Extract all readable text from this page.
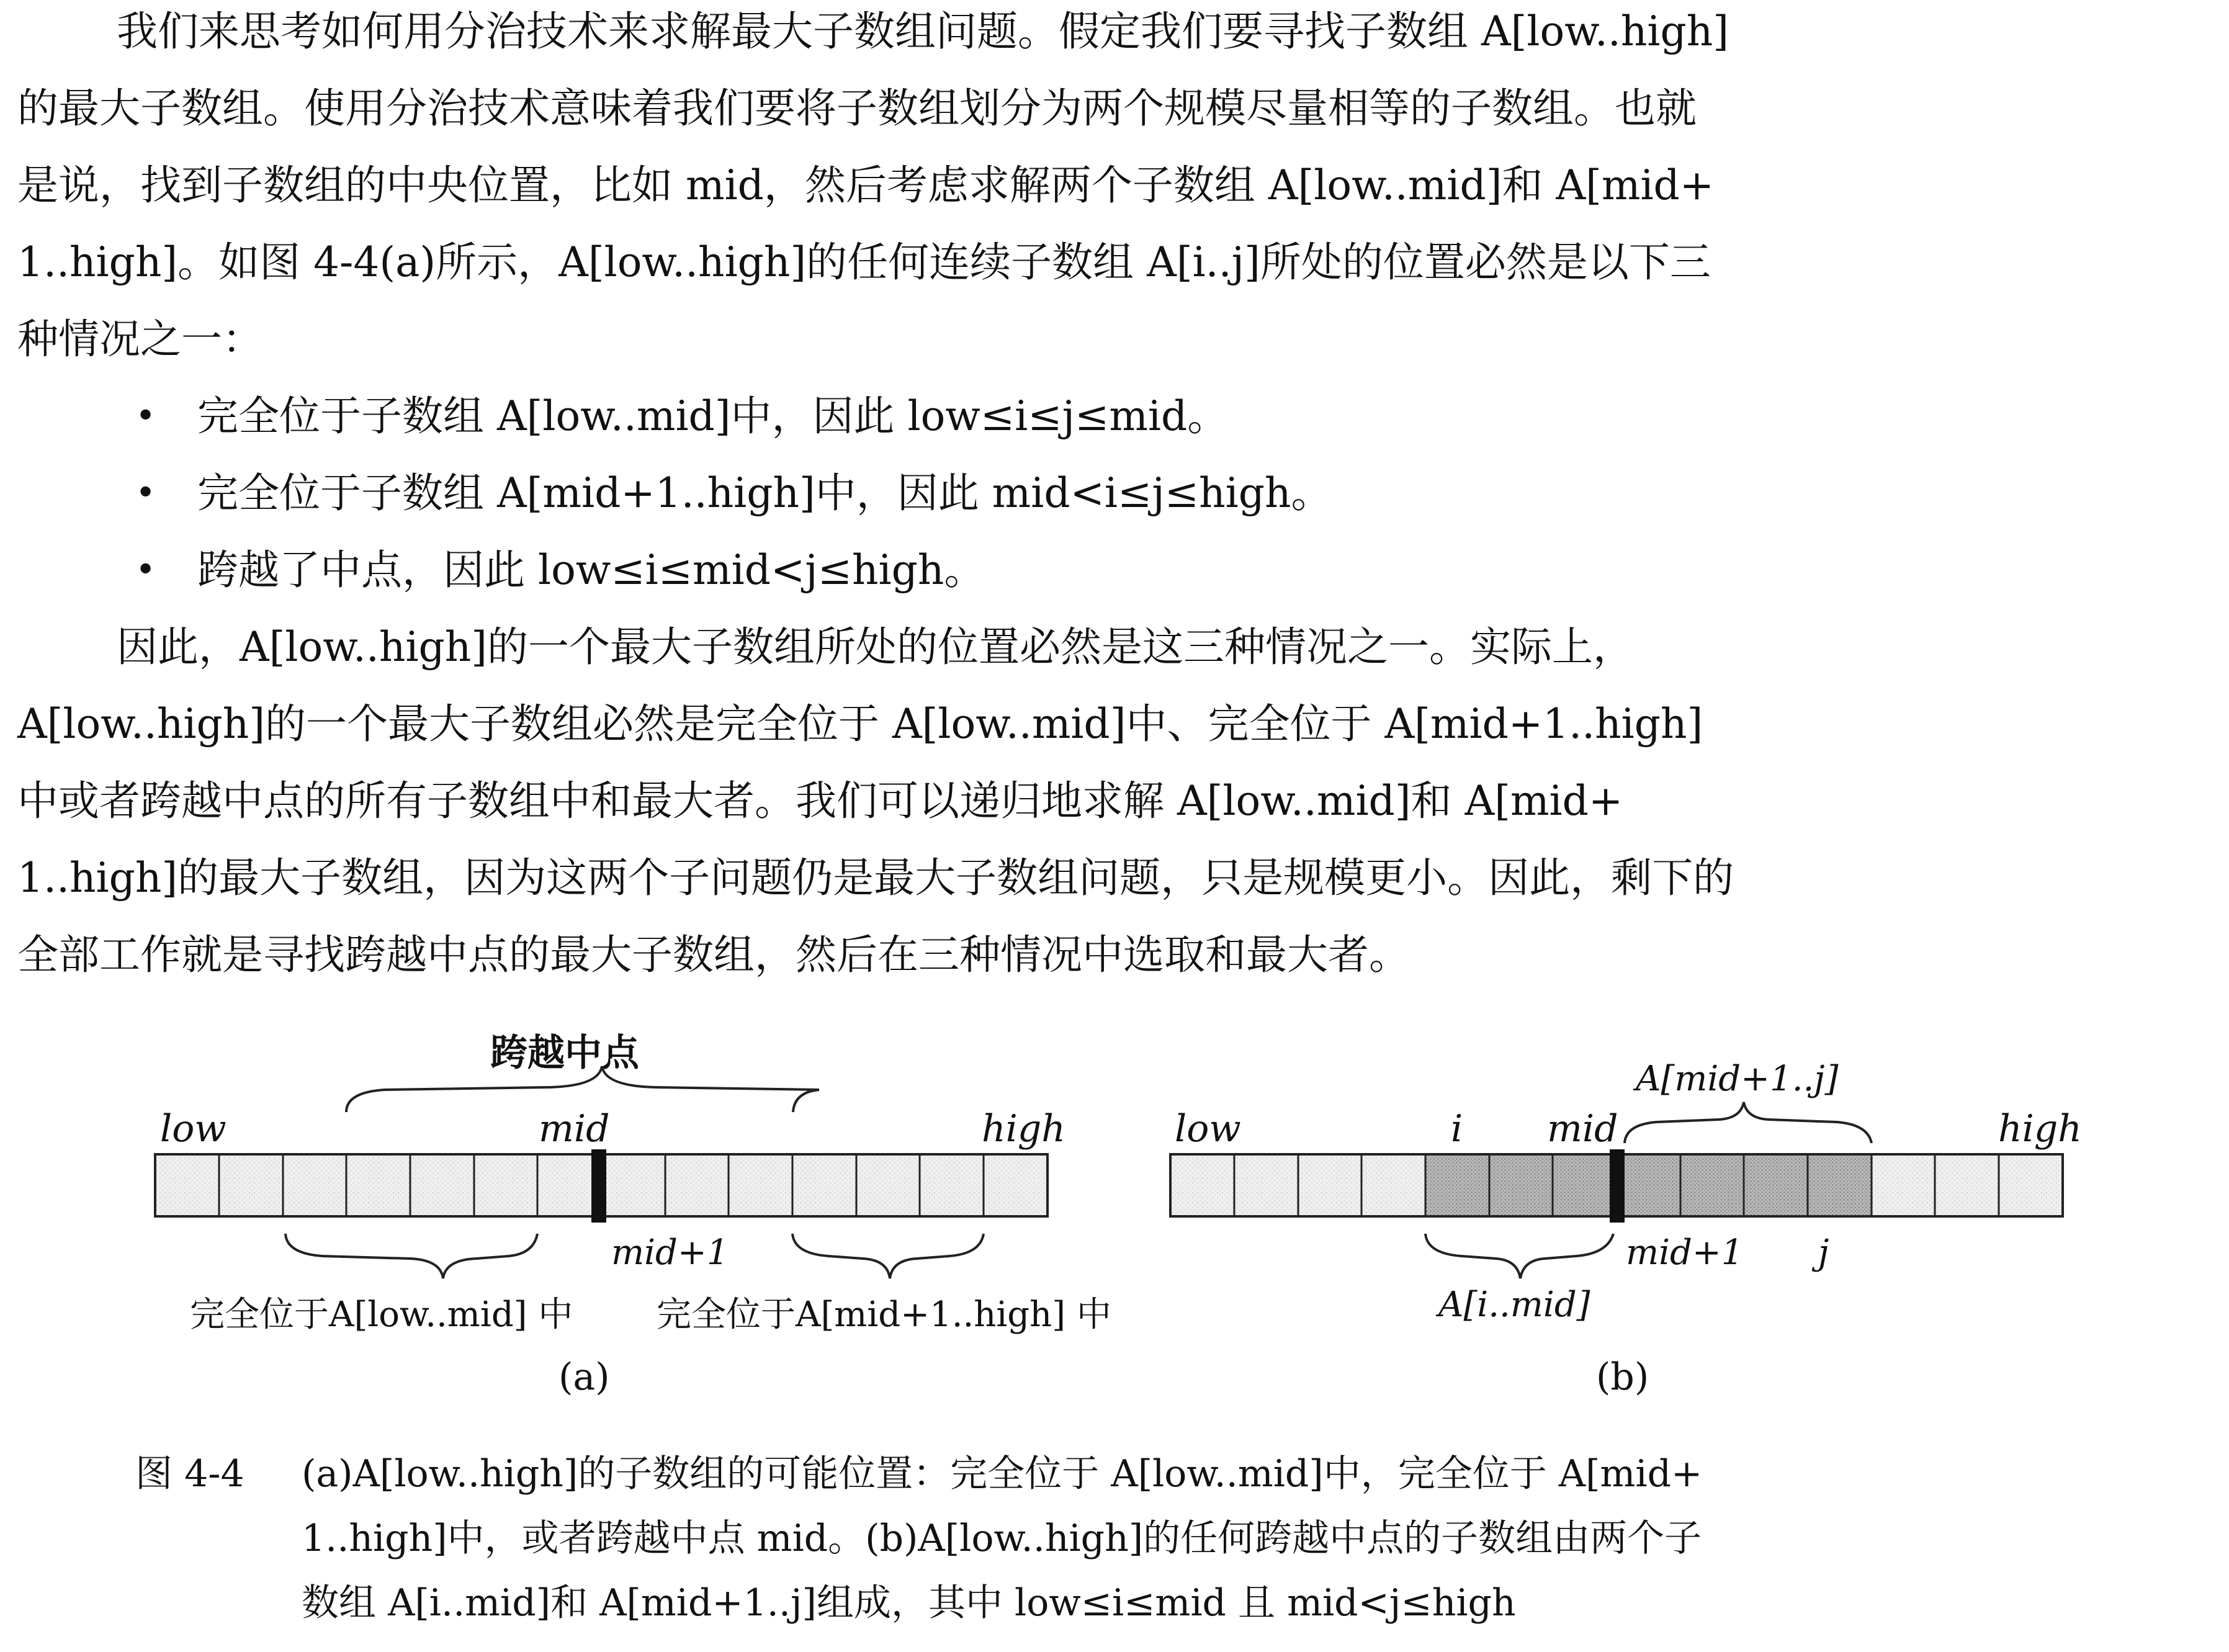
我们来思考如何用分治技术来求解最大子数组问题。假定我们要寻找子数组 A[low..high]
的最大子数组。使用分治技术意味着我们要将子数组划分为两个规模尽量相等的子数组。也就
是说，找到子数组的中央位置，比如 mid，然后考虑求解两个子数组 A[low..mid]和 A[mid+
1..high]。如图 4-4(a)所示，A[low..high]的任何连续子数组 A[i..j]所处的位置必然是以下三
种情况之一：
• 完全位于子数组 A[low..mid]中，因此 low≤i≤j≤mid。
• 完全位于子数组 A[mid+1..high]中，因此 mid<i≤j≤high。
• 跨越了中点，因此 low≤i≤mid<j≤high。
因此，A[low..high]的一个最大子数组所处的位置必然是这三种情况之一。实际上，
A[low..high]的一个最大子数组必然是完全位于 A[low..mid]中、完全位于 A[mid+1..high]
中或者跨越中点的所有子数组中和最大者。我们可以递归地求解 A[low..mid]和 A[mid+
1..high]的最大子数组，因为这两个子问题仍是最大子数组问题，只是规模更小。因此，剩下的
全部工作就是寻找跨越中点的最大子数组，然后在三种情况中选取和最大者。
跨越中点
low	mid	high
mid+1
完全位于A[low..mid] 中 完全位于A[mid+1..high] 中
(a)
A[mid+1..j]
low	i mid	high
mid+1 j
A[i..mid]
(b)
图 4-4 (a)A[low..high]的子数组的可能位置：完全位于 A[low..mid]中，完全位于 A[mid+
1..high]中，或者跨越中点 mid。(b)A[low..high]的任何跨越中点的子数组由两个子
数组 A[i..mid]和 A[mid+1..j]组成，其中 low≤i≤mid 且 mid<j≤high
